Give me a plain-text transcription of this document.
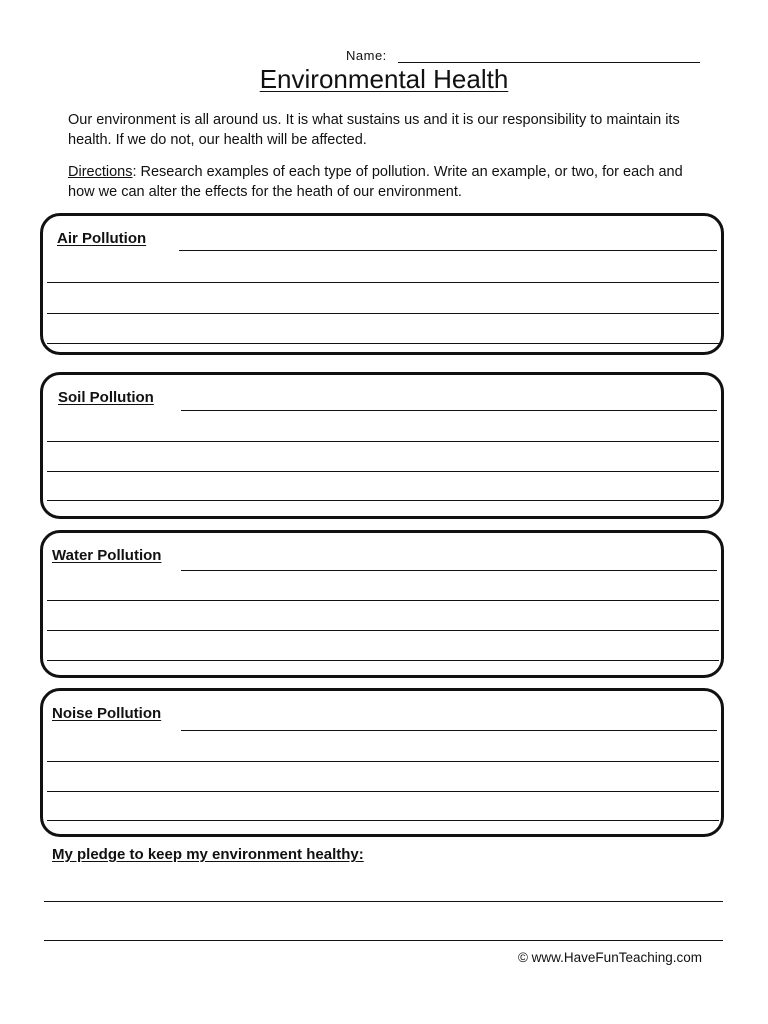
Name:
Environmental Health
Our environment is all around us. It is what sustains us and it is our responsibility to maintain its health. If we do not, our health will be affected.
Directions: Research examples of each type of pollution. Write an example, or two, for each and how we can alter the effects for the heath of our environment.
Air Pollution
Soil Pollution
Water Pollution
Noise Pollution
My pledge to keep my environment healthy:
© www.HaveFunTeaching.com
